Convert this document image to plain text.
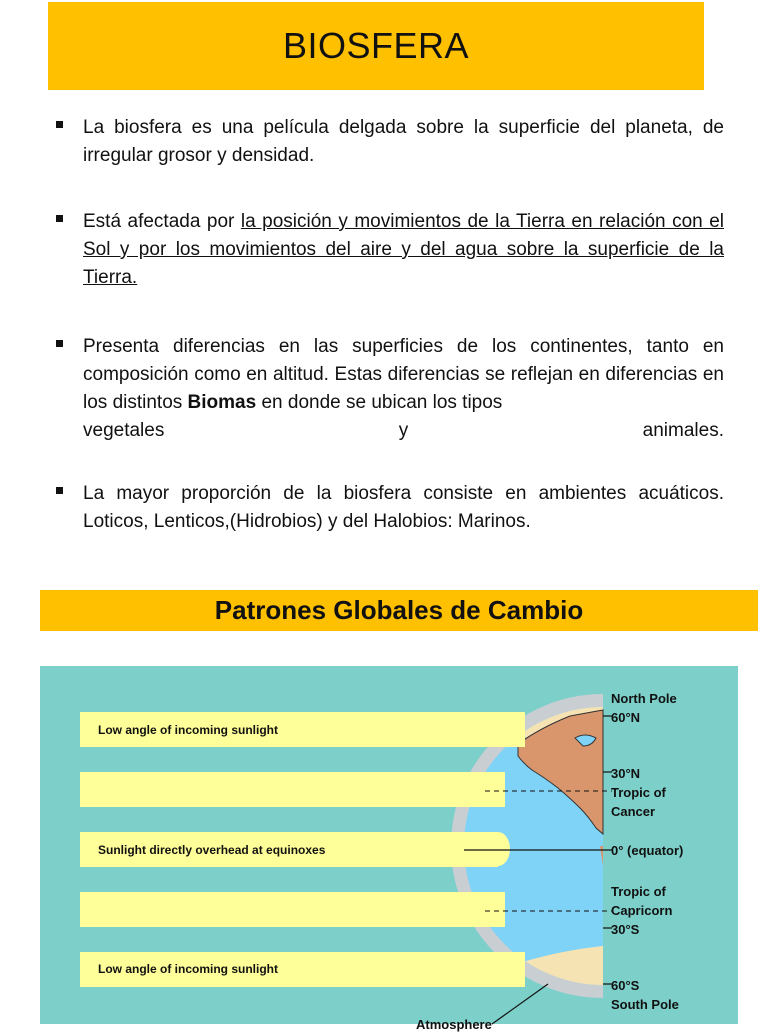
BIOSFERA
La biosfera es una película delgada sobre la superficie del planeta, de irregular grosor y densidad.
Está afectada por la posición y movimientos de la Tierra en relación con el Sol y por los movimientos del aire y del agua sobre la superficie de la Tierra.
Presenta diferencias en las superficies de los continentes, tanto en composición como en altitud. Estas diferencias se reflejan en diferencias en los distintos Biomas en donde se ubican los tipos
vegetales	y	animales.
La mayor proporción de la biosfera consiste en ambientes acuáticos. Loticos, Lenticos,(Hidrobios) y del Halobios: Marinos.
Patrones Globales de Cambio
Low angle of incoming sunlight
Sunlight directly overhead at equinoxes
Low angle of incoming sunlight
North Pole
60°N
30°N
Tropic of Cancer
0° (equator)
Tropic of Capricorn
30°S
60°S
South Pole
Atmosphere
